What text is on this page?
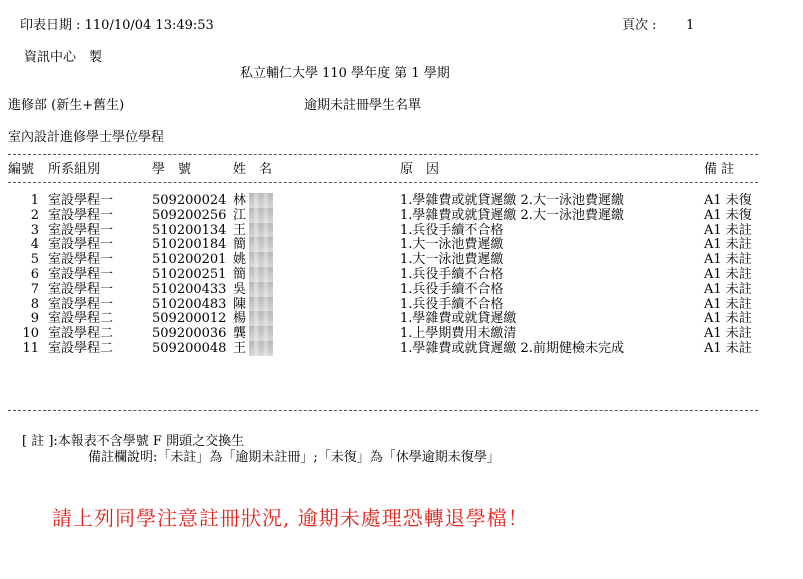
印表日期 : 110/10/04 13:49:53	頁次 : 1
資訊中心　製
私立輔仁大學 110 學年度 第 1 學期
進修部 (新生+舊生)	逾期未註冊學生名單
室內設計進修學士學位學程
編號 所系組別	學　號	姓　名	原　因	備 註
1 室設學程一	509200024 林	1.學雜費或就貸遲繳 2.大一泳池費遲繳	A1 未復
2 室設學程一	509200256 江	1.學雜費或就貸遲繳 2.大一泳池費遲繳	A1 未復
3 室設學程一	510200134 王	1.兵役手續不合格	A1 未註
4 室設學程一	510200184 簡	1.大一泳池費遲繳	A1 未註
5 室設學程一	510200201 姚	1.大一泳池費遲繳	A1 未註
6 室設學程一	510200251 簡	1.兵役手續不合格	A1 未註
7 室設學程一	510200433 吳	1.兵役手續不合格	A1 未註
8 室設學程一	510200483 陳	1.兵役手續不合格	A1 未註
9 室設學程二	509200012 楊	1.學雜費或就貸遲繳	A1 未註
10 室設學程二	509200036 龔	1.上學期費用未繳清	A1 未註
11 室設學程二	509200048 王	1.學雜費或就貸遲繳 2.前期健檢未完成	A1 未註
[ 註 ]:本報表不含學號 F 開頭之交換生
備註欄說明:「未註」為「逾期未註冊」;「未復」為「休學逾期未復學」
請上列同學注意註冊狀況, 逾期未處理恐轉退學檔！
